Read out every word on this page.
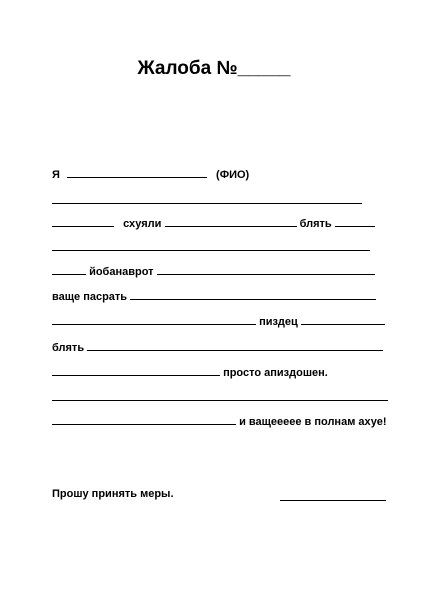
Жалоба №_____
Я	(ФИО)
схуяли	блять
йобанаврот
ваще пасрать
пиздец
блять
просто апиздошен.
и ващеееее в полнам ахуе!
Прошу принять меры.
